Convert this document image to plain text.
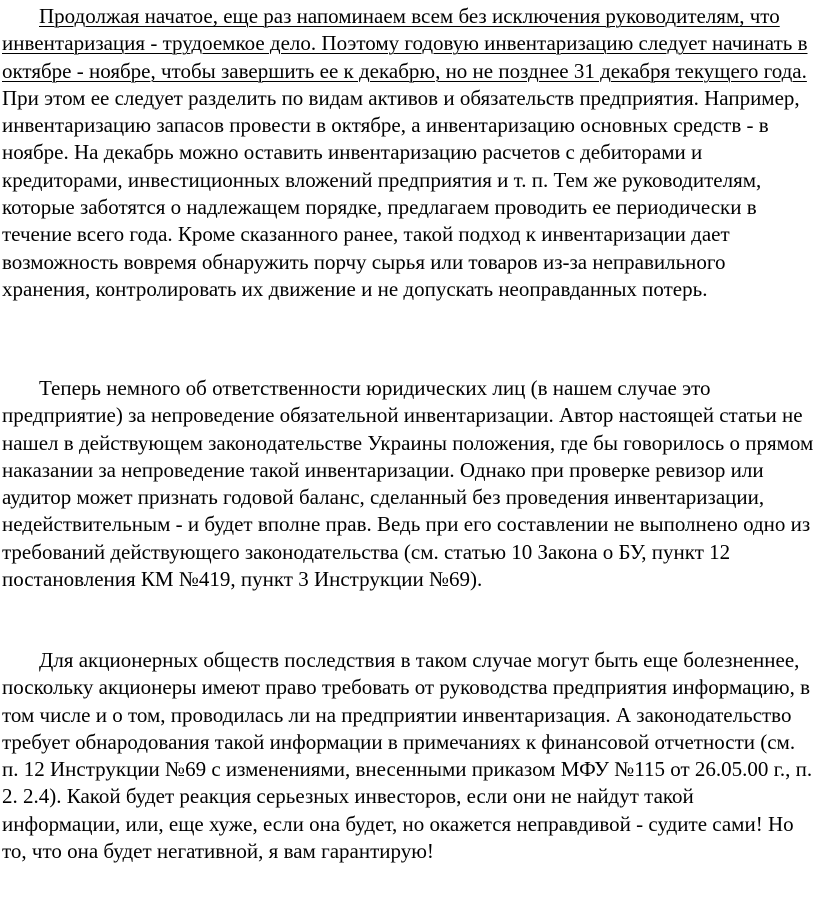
Продолжая начатое, еще раз напоминаем всем без исключения руководителям, что инвентаризация - трудоемкое дело. Поэтому годовую инвентаризацию следует начинать в октябре - ноябре, чтобы завершить ее к декабрю, но не позднее 31 декабря текущего года. При этом ее следует разделить по видам активов и обязательств предприятия. Например, инвентаризацию запасов провести в октябре, а инвентаризацию основных средств - в ноябре. На декабрь можно оставить инвентаризацию расчетов с дебиторами и кредиторами, инвестиционных вложений предприятия и т. п. Тем же руководителям, которые заботятся о надлежащем порядке, предлагаем проводить ее периодически в течение всего года. Кроме сказанного ранее, такой подход к инвентаризации дает возможность вовремя обнаружить порчу сырья или товаров из-за неправильного хранения, контролировать их движение и не допускать неоправданных потерь.

Теперь немного об ответственности юридических лиц (в нашем случае это предприятие) за непроведение обязательной инвентаризации. Автор настоящей статьи не нашел в действующем законодательстве Украины положения, где бы говорилось о прямом наказании за непроведение такой инвентаризации. Однако при проверке ревизор или аудитор может признать годовой баланс, сделанный без проведения инвентаризации, недействительным - и будет вполне прав. Ведь при его составлении не выполнено одно из требований действующего законодательства (см. статью 10 Закона о БУ, пункт 12 постановления КМ №419, пункт 3 Инструкции №69).

Для акционерных обществ последствия в таком случае могут быть еще болезненнее, поскольку акционеры имеют право требовать от руководства предприятия информацию, в том числе и о том, проводилась ли на предприятии инвентаризация. А законодательство требует обнародования такой информации в примечаниях к финансовой отчетности (см. п. 12 Инструкции №69 с изменениями, внесенными приказом МФУ №115 от 26.05.00 г., п. 2. 2.4). Какой будет реакция серьезных инвесторов, если они не найдут такой информации, или, еще хуже, если она будет, но окажется неправдивой - судите сами! Но то, что она будет негативной, я вам гарантирую!
